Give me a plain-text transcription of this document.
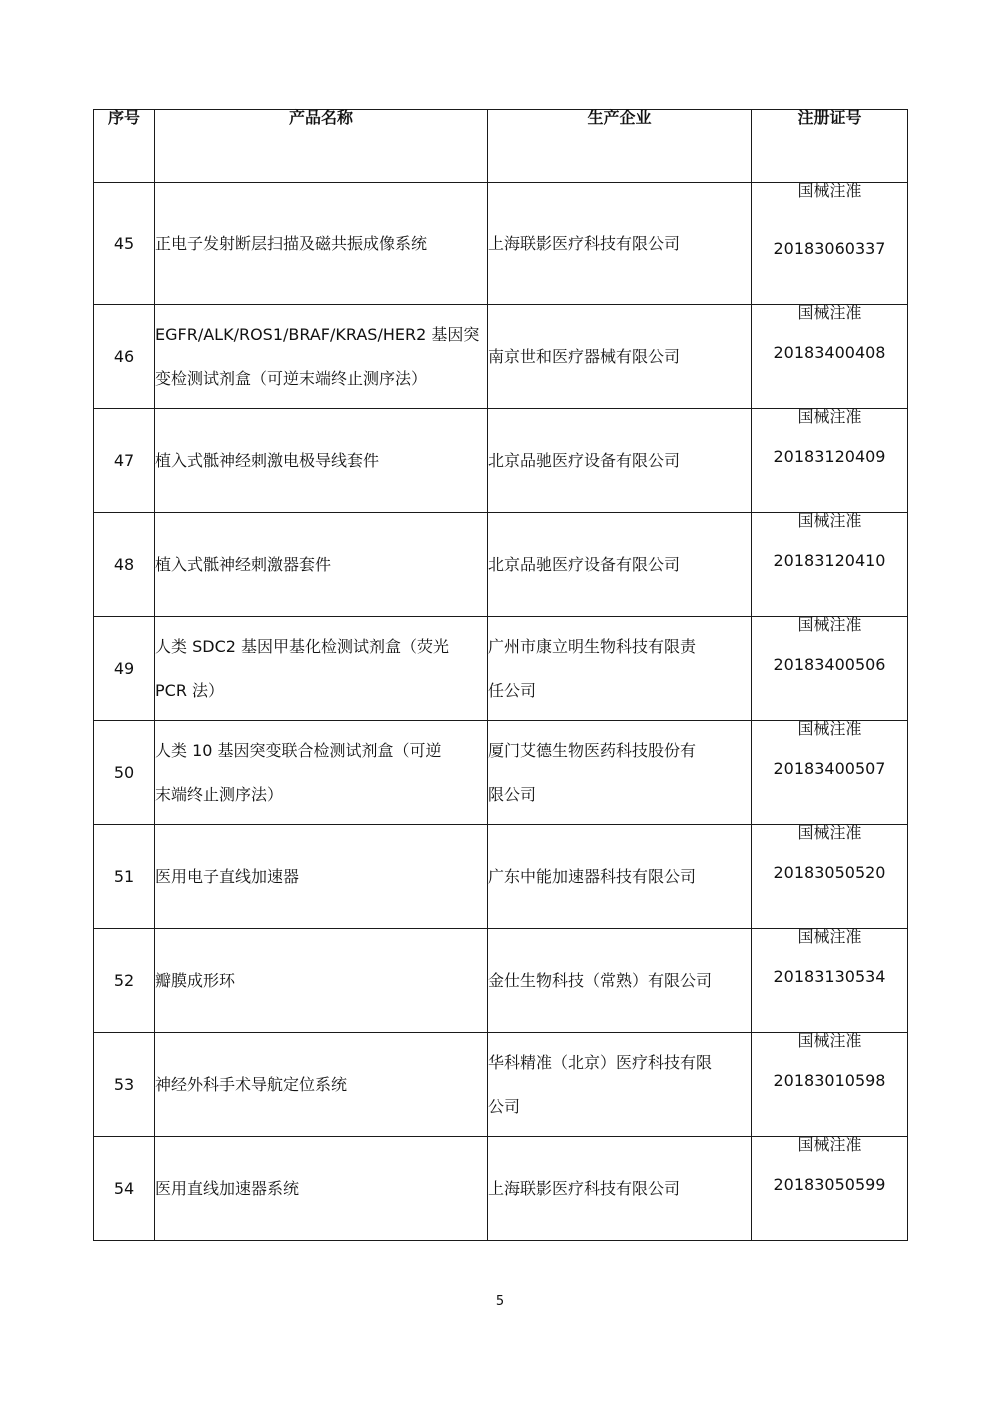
序号	产品名称	生产企业	注册证号
45	正电子发射断层扫描及磁共振成像系统	上海联影医疗科技有限公司	国械注准
20183060337

46	EGFR/ALK/ROS1/BRAF/KRAS/HER2 基因突
变检测试剂盒（可逆末端终止测序法）	南京世和医疗器械有限公司	国械注准
20183400408

47	植入式骶神经刺激电极导线套件	北京品驰医疗设备有限公司	国械注准
20183120409

48	植入式骶神经刺激器套件	北京品驰医疗设备有限公司	国械注准
20183120410

49	人类 SDC2 基因甲基化检测试剂盒（荧光
PCR 法）	广州市康立明生物科技有限责
任公司	国械注准
20183400506

50	人类 10 基因突变联合检测试剂盒（可逆
末端终止测序法）	厦门艾德生物医药科技股份有
限公司	国械注准
20183400507

51	医用电子直线加速器	广东中能加速器科技有限公司	国械注准
20183050520

52	瓣膜成形环	金仕生物科技（常熟）有限公司	国械注准
20183130534

53	神经外科手术导航定位系统	华科精准（北京）医疗科技有限
公司	国械注准
20183010598

54	医用直线加速器系统	上海联影医疗科技有限公司	国械注准
20183050599
5
